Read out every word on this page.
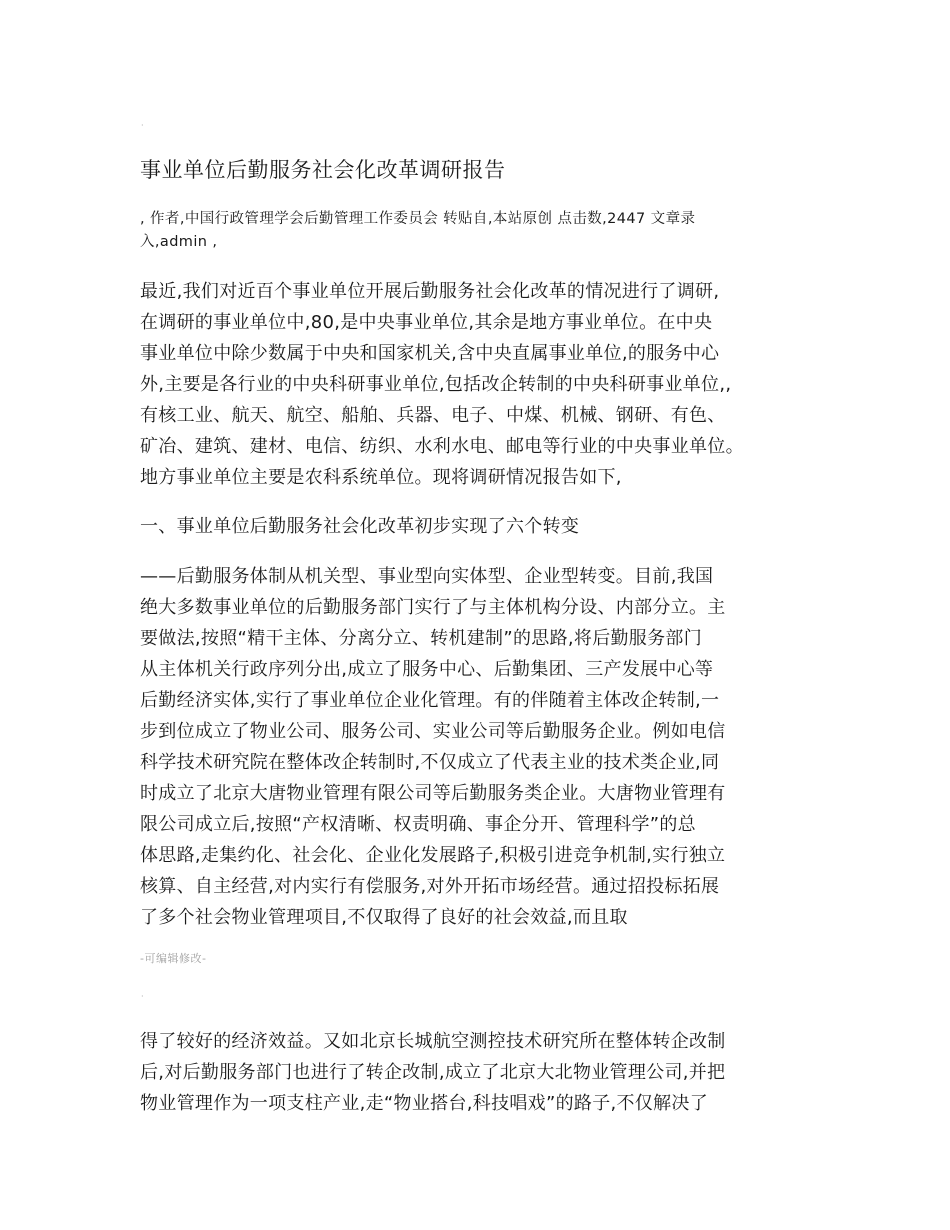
·
事业单位后勤服务社会化改革调研报告
, 作者,中国行政管理学会后勤管理工作委员会 转贴自,本站原创 点击数,2447 文章录
入,admin ,

最近,我们对近百个事业单位开展后勤服务社会化改革的情况进行了调研,
在调研的事业单位中,80,是中央事业单位,其余是地方事业单位。在中央
事业单位中除少数属于中央和国家机关,含中央直属事业单位,的服务中心
外,主要是各行业的中央科研事业单位,包括改企转制的中央科研事业单位,,
有核工业、航天、航空、船舶、兵器、电子、中煤、机械、钢研、有色、
矿冶、建筑、建材、电信、纺织、水利水电、邮电等行业的中央事业单位。
地方事业单位主要是农科系统单位。现将调研情况报告如下,

一、事业单位后勤服务社会化改革初步实现了六个转变

——后勤服务体制从机关型、事业型向实体型、企业型转变。目前,我国
绝大多数事业单位的后勤服务部门实行了与主体机构分设、内部分立。主
要做法,按照“精干主体、分离分立、转机建制”的思路,将后勤服务部门
从主体机关行政序列分出,成立了服务中心、后勤集团、三产发展中心等
后勤经济实体,实行了事业单位企业化管理。有的伴随着主体改企转制,一
步到位成立了物业公司、服务公司、实业公司等后勤服务企业。例如电信
科学技术研究院在整体改企转制时,不仅成立了代表主业的技术类企业,同
时成立了北京大唐物业管理有限公司等后勤服务类企业。大唐物业管理有
限公司成立后,按照“产权清晰、权责明确、事企分开、管理科学”的总
体思路,走集约化、社会化、企业化发展路子,积极引进竞争机制,实行独立
核算、自主经营,对内实行有偿服务,对外开拓市场经营。通过招投标拓展
了多个社会物业管理项目,不仅取得了良好的社会效益,而且取

-可编辑修改-
·

得了较好的经济效益。又如北京长城航空测控技术研究所在整体转企改制
后,对后勤服务部门也进行了转企改制,成立了北京大北物业管理公司,并把
物业管理作为一项支柱产业,走“物业搭台,科技唱戏”的路子,不仅解决了
